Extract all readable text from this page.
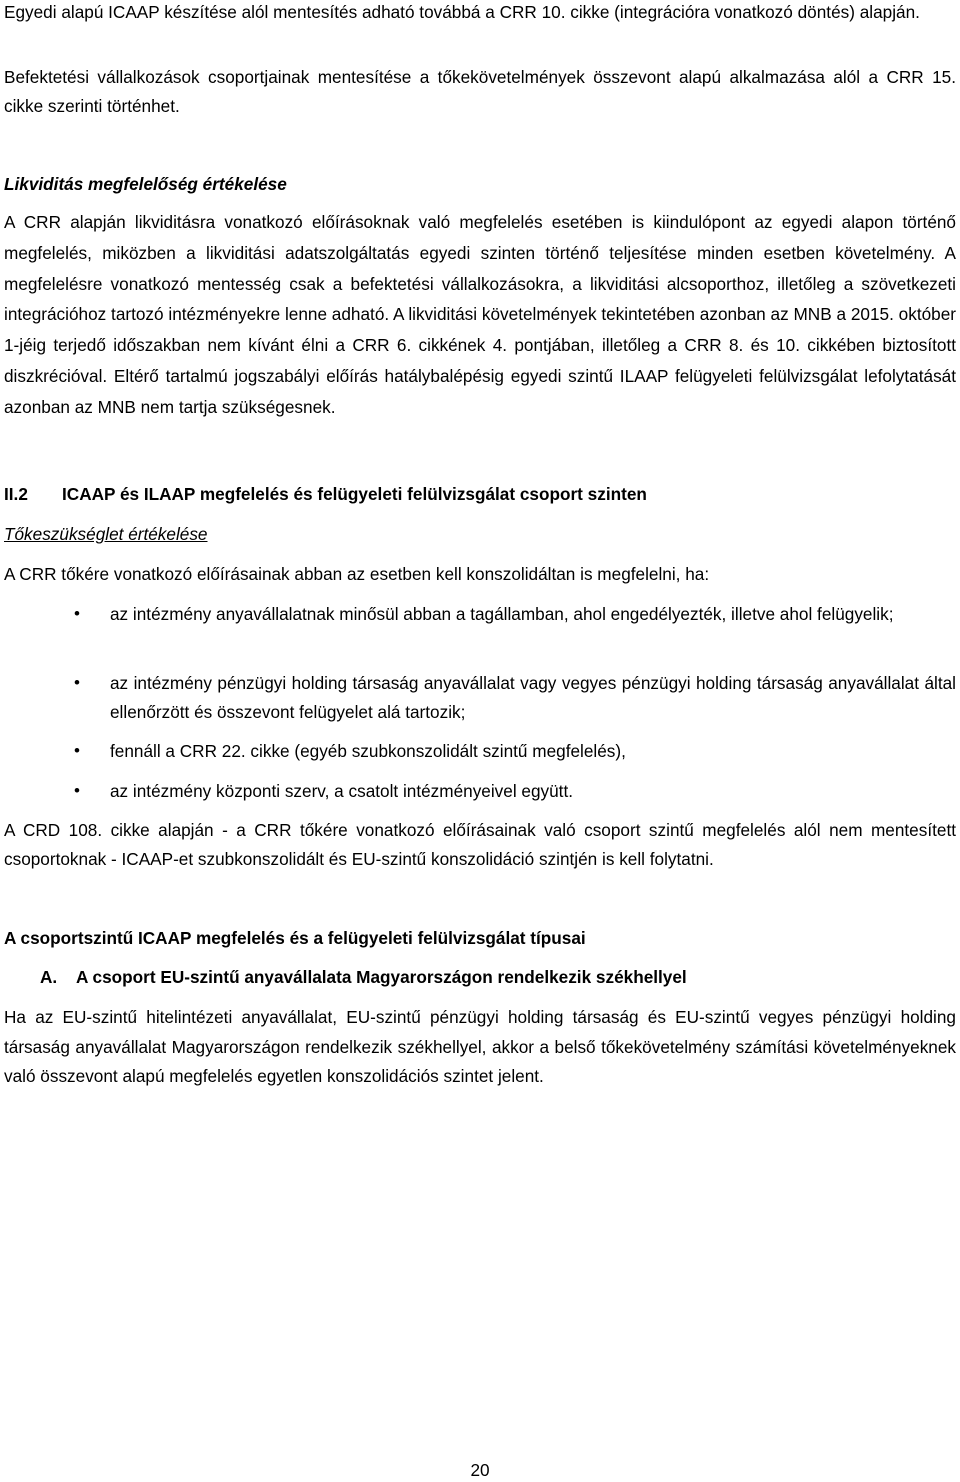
Egyedi alapú ICAAP készítése alól mentesítés adható továbbá a CRR 10. cikke (integrációra vonatkozó döntés) alapján.

Befektetési vállalkozások csoportjainak mentesítése a tőkekövetelmények összevont alapú alkalmazása alól a CRR 15. cikke szerinti történhet.

Likviditás megfelelőség értékelése

A CRR alapján likviditásra vonatkozó előírásoknak való megfelelés esetében is kiindulópont az egyedi alapon történő megfelelés, miközben a likviditási adatszolgáltatás egyedi szinten történő teljesítése minden esetben követelmény. A megfelelésre vonatkozó mentesség csak a befektetési vállalkozásokra, a likviditási alcsoporthoz, illetőleg a szövetkezeti integrációhoz tartozó intézményekre lenne adható. A likviditási követelmények tekintetében azonban az MNB a 2015. október 1-jéig terjedő időszakban nem kívánt élni a CRR 6. cikkének 4. pontjában, illetőleg a CRR 8. és 10. cikkében biztosított diszkrécióval. Eltérő tartalmú jogszabályi előírás hatálybalépésig egyedi szintű ILAAP felügyeleti felülvizsgálat lefolytatását azonban az MNB nem tartja szükségesnek.

II.2 ICAAP és ILAAP megfelelés és felügyeleti felülvizsgálat csoport szinten

Tőkeszükséglet értékelése

A CRR tőkére vonatkozó előírásainak abban az esetben kell konszolidáltan is megfelelni, ha:

• az intézmény anyavállalatnak minősül abban a tagállamban, ahol engedélyezték, illetve ahol felügyelik;

• az intézmény pénzügyi holding társaság anyavállalat vagy vegyes pénzügyi holding társaság anyavállalat által ellenőrzött és összevont felügyelet alá tartozik;

• fennáll a CRR 22. cikke (egyéb szubkonszolidált szintű megfelelés),

• az intézmény központi szerv, a csatolt intézményeivel együtt.

A CRD 108. cikke alapján - a CRR tőkére vonatkozó előírásainak való csoport szintű megfelelés alól nem mentesített csoportoknak - ICAAP-et szubkonszolidált és EU-szintű konszolidáció szintjén is kell folytatni.

A csoportszintű ICAAP megfelelés és a felügyeleti felülvizsgálat típusai

A. A csoport EU-szintű anyavállalata Magyarországon rendelkezik székhellyel

Ha az EU-szintű hitelintézeti anyavállalat, EU-szintű pénzügyi holding társaság és EU-szintű vegyes pénzügyi holding társaság anyavállalat Magyarországon rendelkezik székhellyel, akkor a belső tőkekövetelmény számítási követelményeknek való összevont alapú megfelelés egyetlen konszolidációs szintet jelent.

20
